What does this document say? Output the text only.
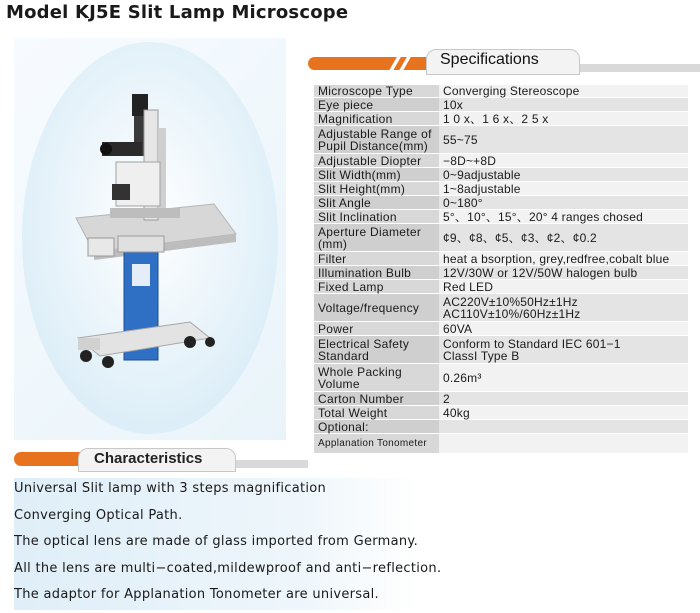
Model KJ5E Slit Lamp Microscope
Specifications
Microscope Type	Converging Stereoscope

Eye piece	10x

Magnification	1 0 x、1 6 x、2 5 x

Adjustable Range of Pupil Distance(mm)	55~75

Adjustable Diopter	−8D~+8D

Slit Width(mm)	0~9adjustable

Slit Height(mm)	1~8adjustable

Slit Angle	0~180°

Slit Inclination	5°、10°、15°、20° 4 ranges chosed

Aperture Diameter (mm)	¢9、¢8、¢5、¢3、¢2、¢0.2

Filter	heat a bsorption, grey,redfree,cobalt blue

Illumination Bulb	12V/30W or 12V/50W halogen bulb

Fixed Lamp	Red LED

Voltage/frequency	AC220V±10%50Hz±1Hz
AC110V±10%/60Hz±1Hz

Power	60VA

Electrical Safety Standard	Conform to Standard IEC 601−1
ClassI Type B

Whole Packing Volume	0.26m³

Carton Number	2

Total Weight	40kg

Optional:	

Applanation Tonometer	
Characteristics
Universal Slit lamp with 3 steps magnification
Converging Optical Path.
The optical lens are made of glass imported from Germany.
All the lens are multi−coated,mildewproof and anti−reflection.
The adaptor for Applanation Tonometer are universal.
